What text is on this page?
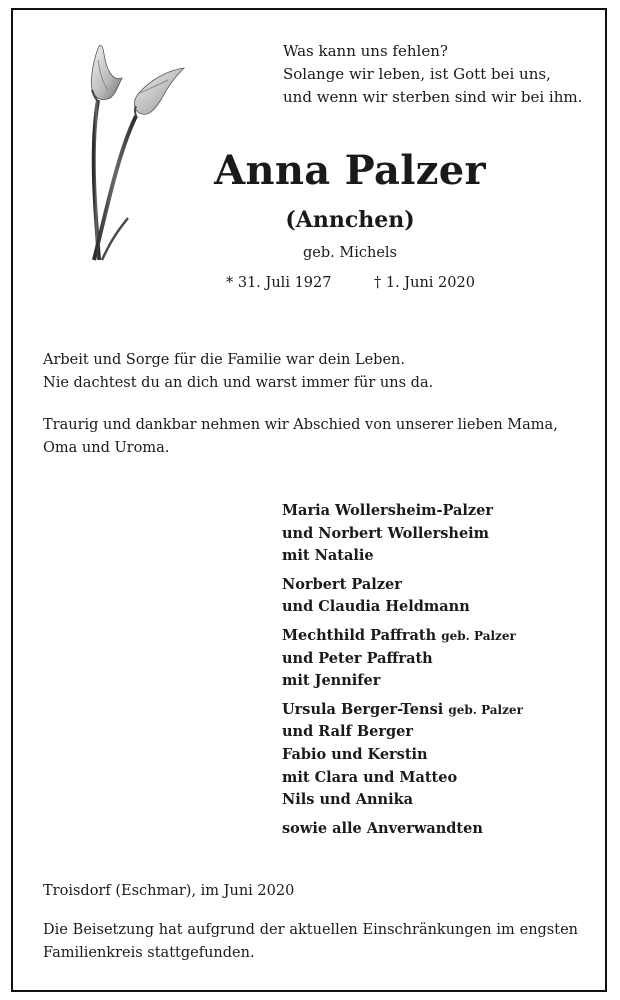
Was kann uns fehlen?
Solange wir leben, ist Gott bei uns,
und wenn wir sterben sind wir bei ihm.
Anna Palzer
(Annchen)
geb. Michels
* 31. Juli 1927	† 1. Juni 2020
Arbeit und Sorge für die Familie war dein Leben.
Nie dachtest du an dich und warst immer für uns da.
Traurig und dankbar nehmen wir Abschied von unserer lieben Mama,
Oma und Uroma.
Maria Wollersheim-Palzer
und Norbert Wollersheim
mit Natalie
Norbert Palzer
und Claudia Heldmann
Mechthild Paffrath geb. Palzer
und Peter Paffrath
mit Jennifer
Ursula Berger-Tensi geb. Palzer
und Ralf Berger
Fabio und Kerstin
mit Clara und Matteo
Nils und Annika
sowie alle Anverwandten
Troisdorf (Eschmar), im Juni 2020
Die Beisetzung hat aufgrund der aktuellen Einschränkungen im engsten Familienkreis stattgefunden.
